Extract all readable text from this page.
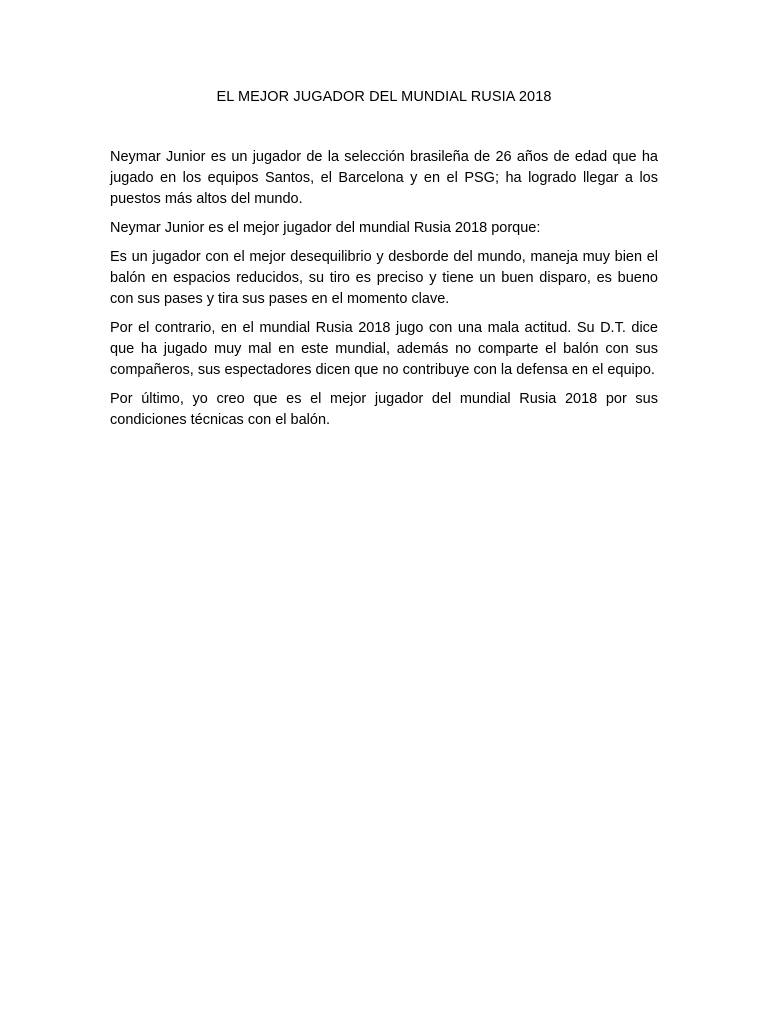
EL MEJOR JUGADOR DEL MUNDIAL RUSIA 2018

Neymar Junior es un jugador de la selección brasileña de 26 años de edad que ha jugado en los equipos Santos, el Barcelona y en el PSG; ha logrado llegar a los puestos más altos del mundo.

Neymar Junior es el mejor jugador del mundial Rusia 2018 porque:

Es un jugador con el mejor desequilibrio y desborde del mundo, maneja muy bien el balón en espacios reducidos, su tiro es preciso y tiene un buen disparo, es bueno con sus pases y tira sus pases en el momento clave.

Por el contrario, en el mundial Rusia 2018 jugo con una mala actitud. Su D.T. dice que ha jugado muy mal en este mundial, además no comparte el balón con sus compañeros, sus espectadores dicen que no contribuye con la defensa en el equipo.

Por último, yo creo que es el mejor jugador del mundial Rusia 2018 por sus condiciones técnicas con el balón.
